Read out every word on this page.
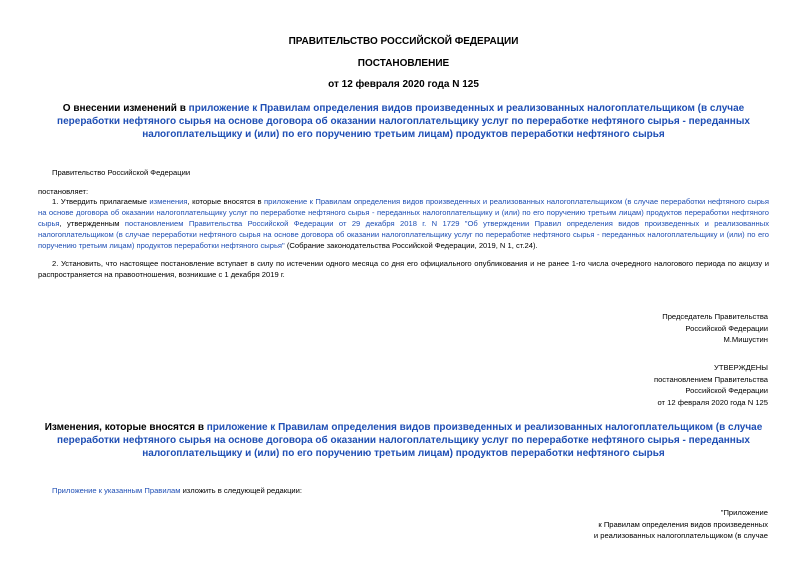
ПРАВИТЕЛЬСТВО РОССИЙСКОЙ ФЕДЕРАЦИИ
ПОСТАНОВЛЕНИЕ
от 12 февраля 2020 года N 125
О внесении изменений в приложение к Правилам определения видов произведенных и реализованных налогоплательщиком (в случае переработки нефтяного сырья на основе договора об оказании налогоплательщику услуг по переработке нефтяного сырья - переданных налогоплательщику и (или) по его поручению третьим лицам) продуктов переработки нефтяного сырья
Правительство Российской Федерации
постановляет:
1. Утвердить прилагаемые изменения, которые вносятся в приложение к Правилам определения видов произведенных и реализованных налогоплательщиком (в случае переработки нефтяного сырья на основе договора об оказании налогоплательщику услуг по переработке нефтяного сырья - переданных налогоплательщику и (или) по его поручению третьим лицам) продуктов переработки нефтяного сырья, утвержденным постановлением Правительства Российской Федерации от 29 декабря 2018 г. N 1729 "Об утверждении Правил определения видов произведенных и реализованных налогоплательщиком (в случае переработки нефтяного сырья на основе договора об оказании налогоплательщику услуг по переработке нефтяного сырья - переданных налогоплательщику и (или) по его поручению третьим лицам) продуктов переработки нефтяного сырья" (Собрание законодательства Российской Федерации, 2019, N 1, ст.24).
2. Установить, что настоящее постановление вступает в силу по истечении одного месяца со дня его официального опубликования и не ранее 1-го числа очередного налогового периода по акцизу и распространяется на правоотношения, возникшие с 1 декабря 2019 г.
Председатель Правительства
Российской Федерации
М.Мишустин
УТВЕРЖДЕНЫ
постановлением Правительства
Российской Федерации
от 12 февраля 2020 года N 125
Изменения, которые вносятся в приложение к Правилам определения видов произведенных и реализованных налогоплательщиком (в случае переработки нефтяного сырья на основе договора об оказании налогоплательщику услуг по переработке нефтяного сырья - переданных налогоплательщику и (или) по его поручению третьим лицам) продуктов переработки нефтяного сырья
Приложение к указанным Правилам изложить в следующей редакции:
"Приложение
к Правилам определения видов произведенных
и реализованных налогоплательщиком (в случае
